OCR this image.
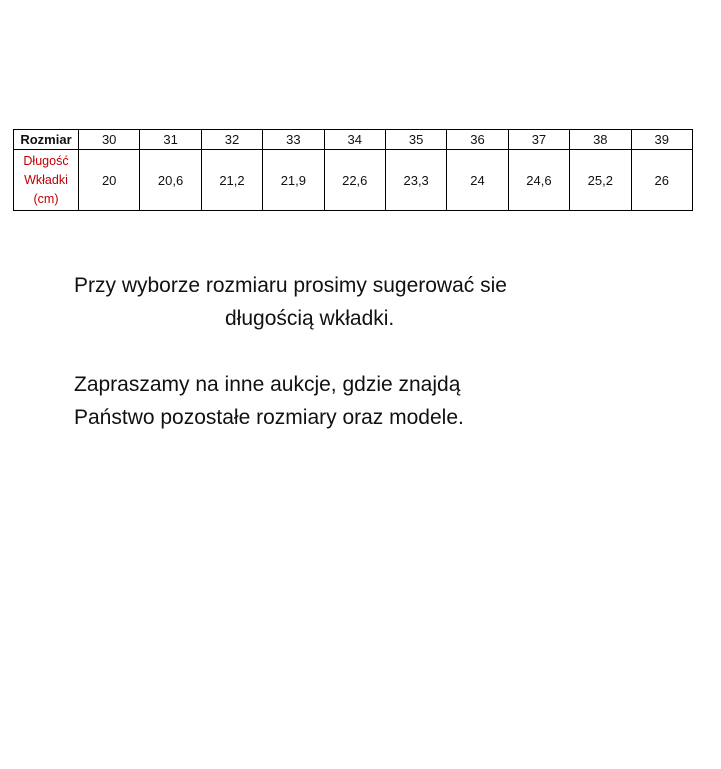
Rozmiar	30	31	32	33	34	35	36	37	38	39

Długość
Wkładki
(cm)	20	20,6	21,2	21,9	22,6	23,3	24	24,6	25,2	26

Przy wyborze rozmiaru prosimy sugerować sie

długością wkładki.

Zapraszamy na inne aukcje, gdzie znajdą

Państwo pozostałe rozmiary oraz modele.
